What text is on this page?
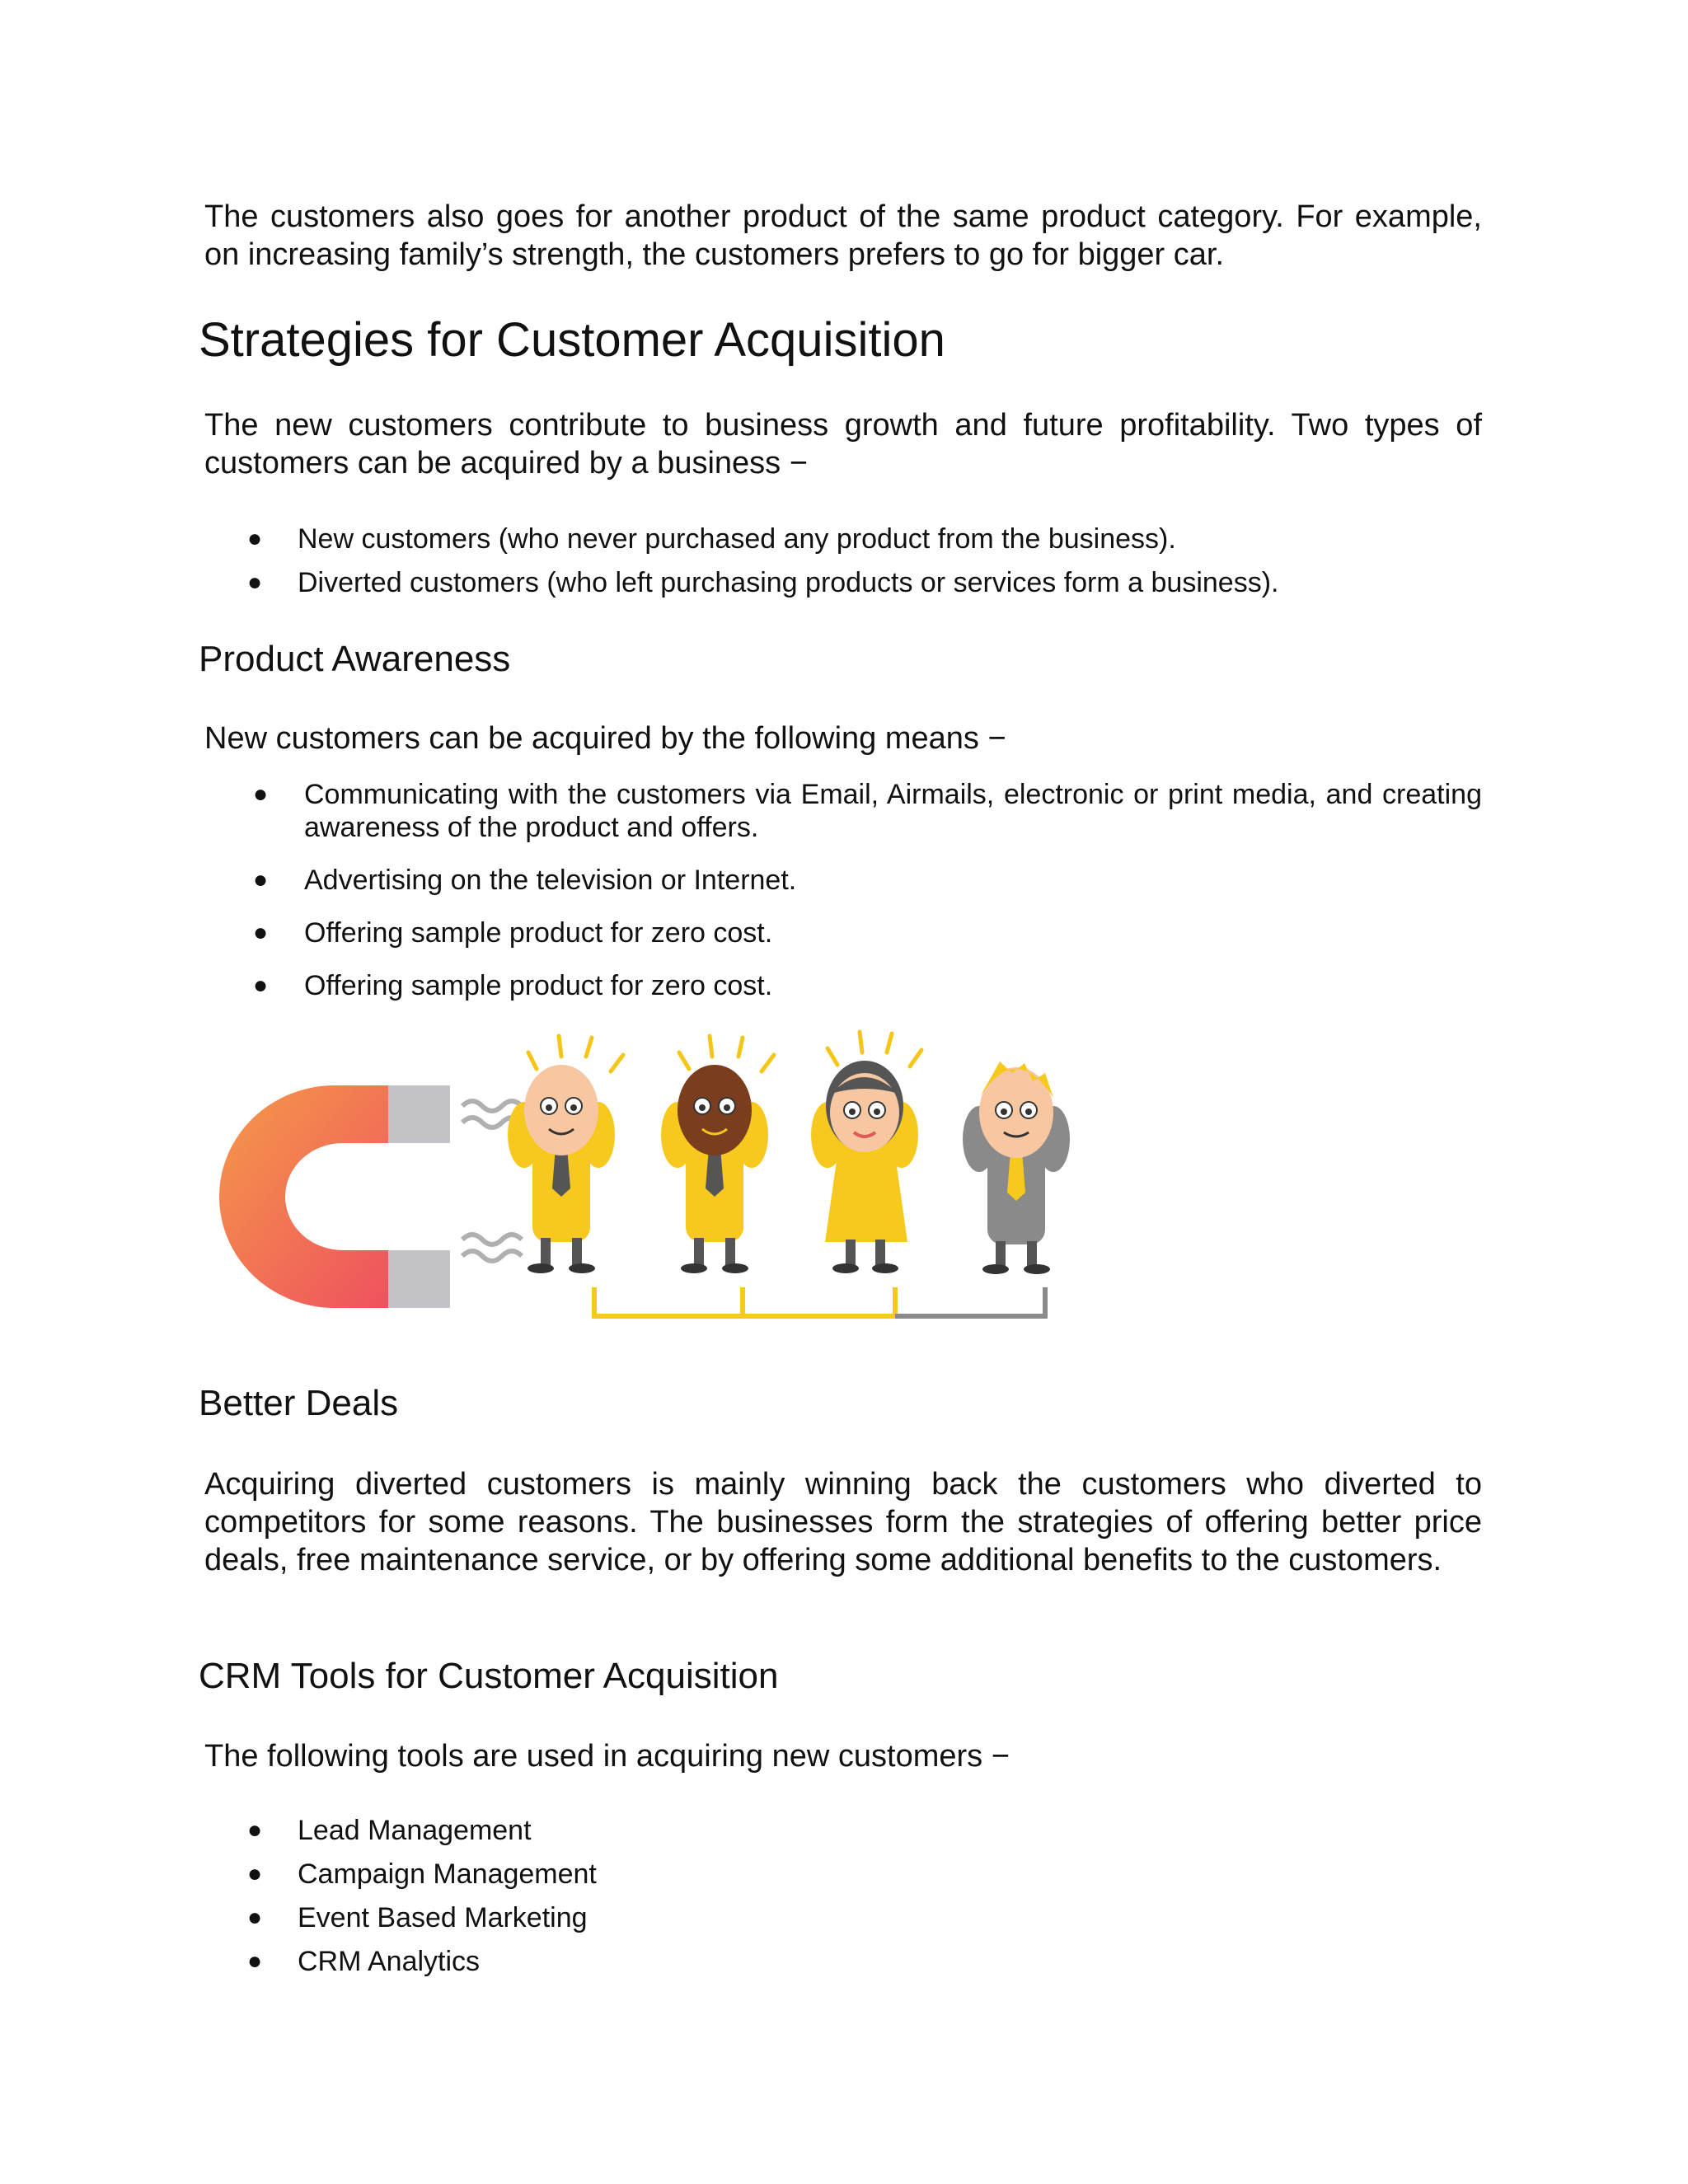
The customers also goes for another product of the same product category. For example, on increasing family’s strength, the customers prefers to go for bigger car.

Strategies for Customer Acquisition

The new customers contribute to business growth and future profitability. Two types of customers can be acquired by a business −

● New customers (who never purchased any product from the business).
● Diverted customers (who left purchasing products or services form a business).
Product Awareness

New customers can be acquired by the following means −

● Communicating with the customers via Email, Airmails, electronic or print media, and creating awareness of the product and offers.
● Advertising on the television or Internet.
● Offering sample product for zero cost.
● Offering sample product for zero cost.
Better Deals

Acquiring diverted customers is mainly winning back the customers who diverted to competitors for some reasons. The businesses form the strategies of offering better price deals, free maintenance service, or by offering some additional benefits to the customers.

CRM Tools for Customer Acquisition

The following tools are used in acquiring new customers −

● Lead Management
● Campaign Management
● Event Based Marketing
● CRM Analytics
